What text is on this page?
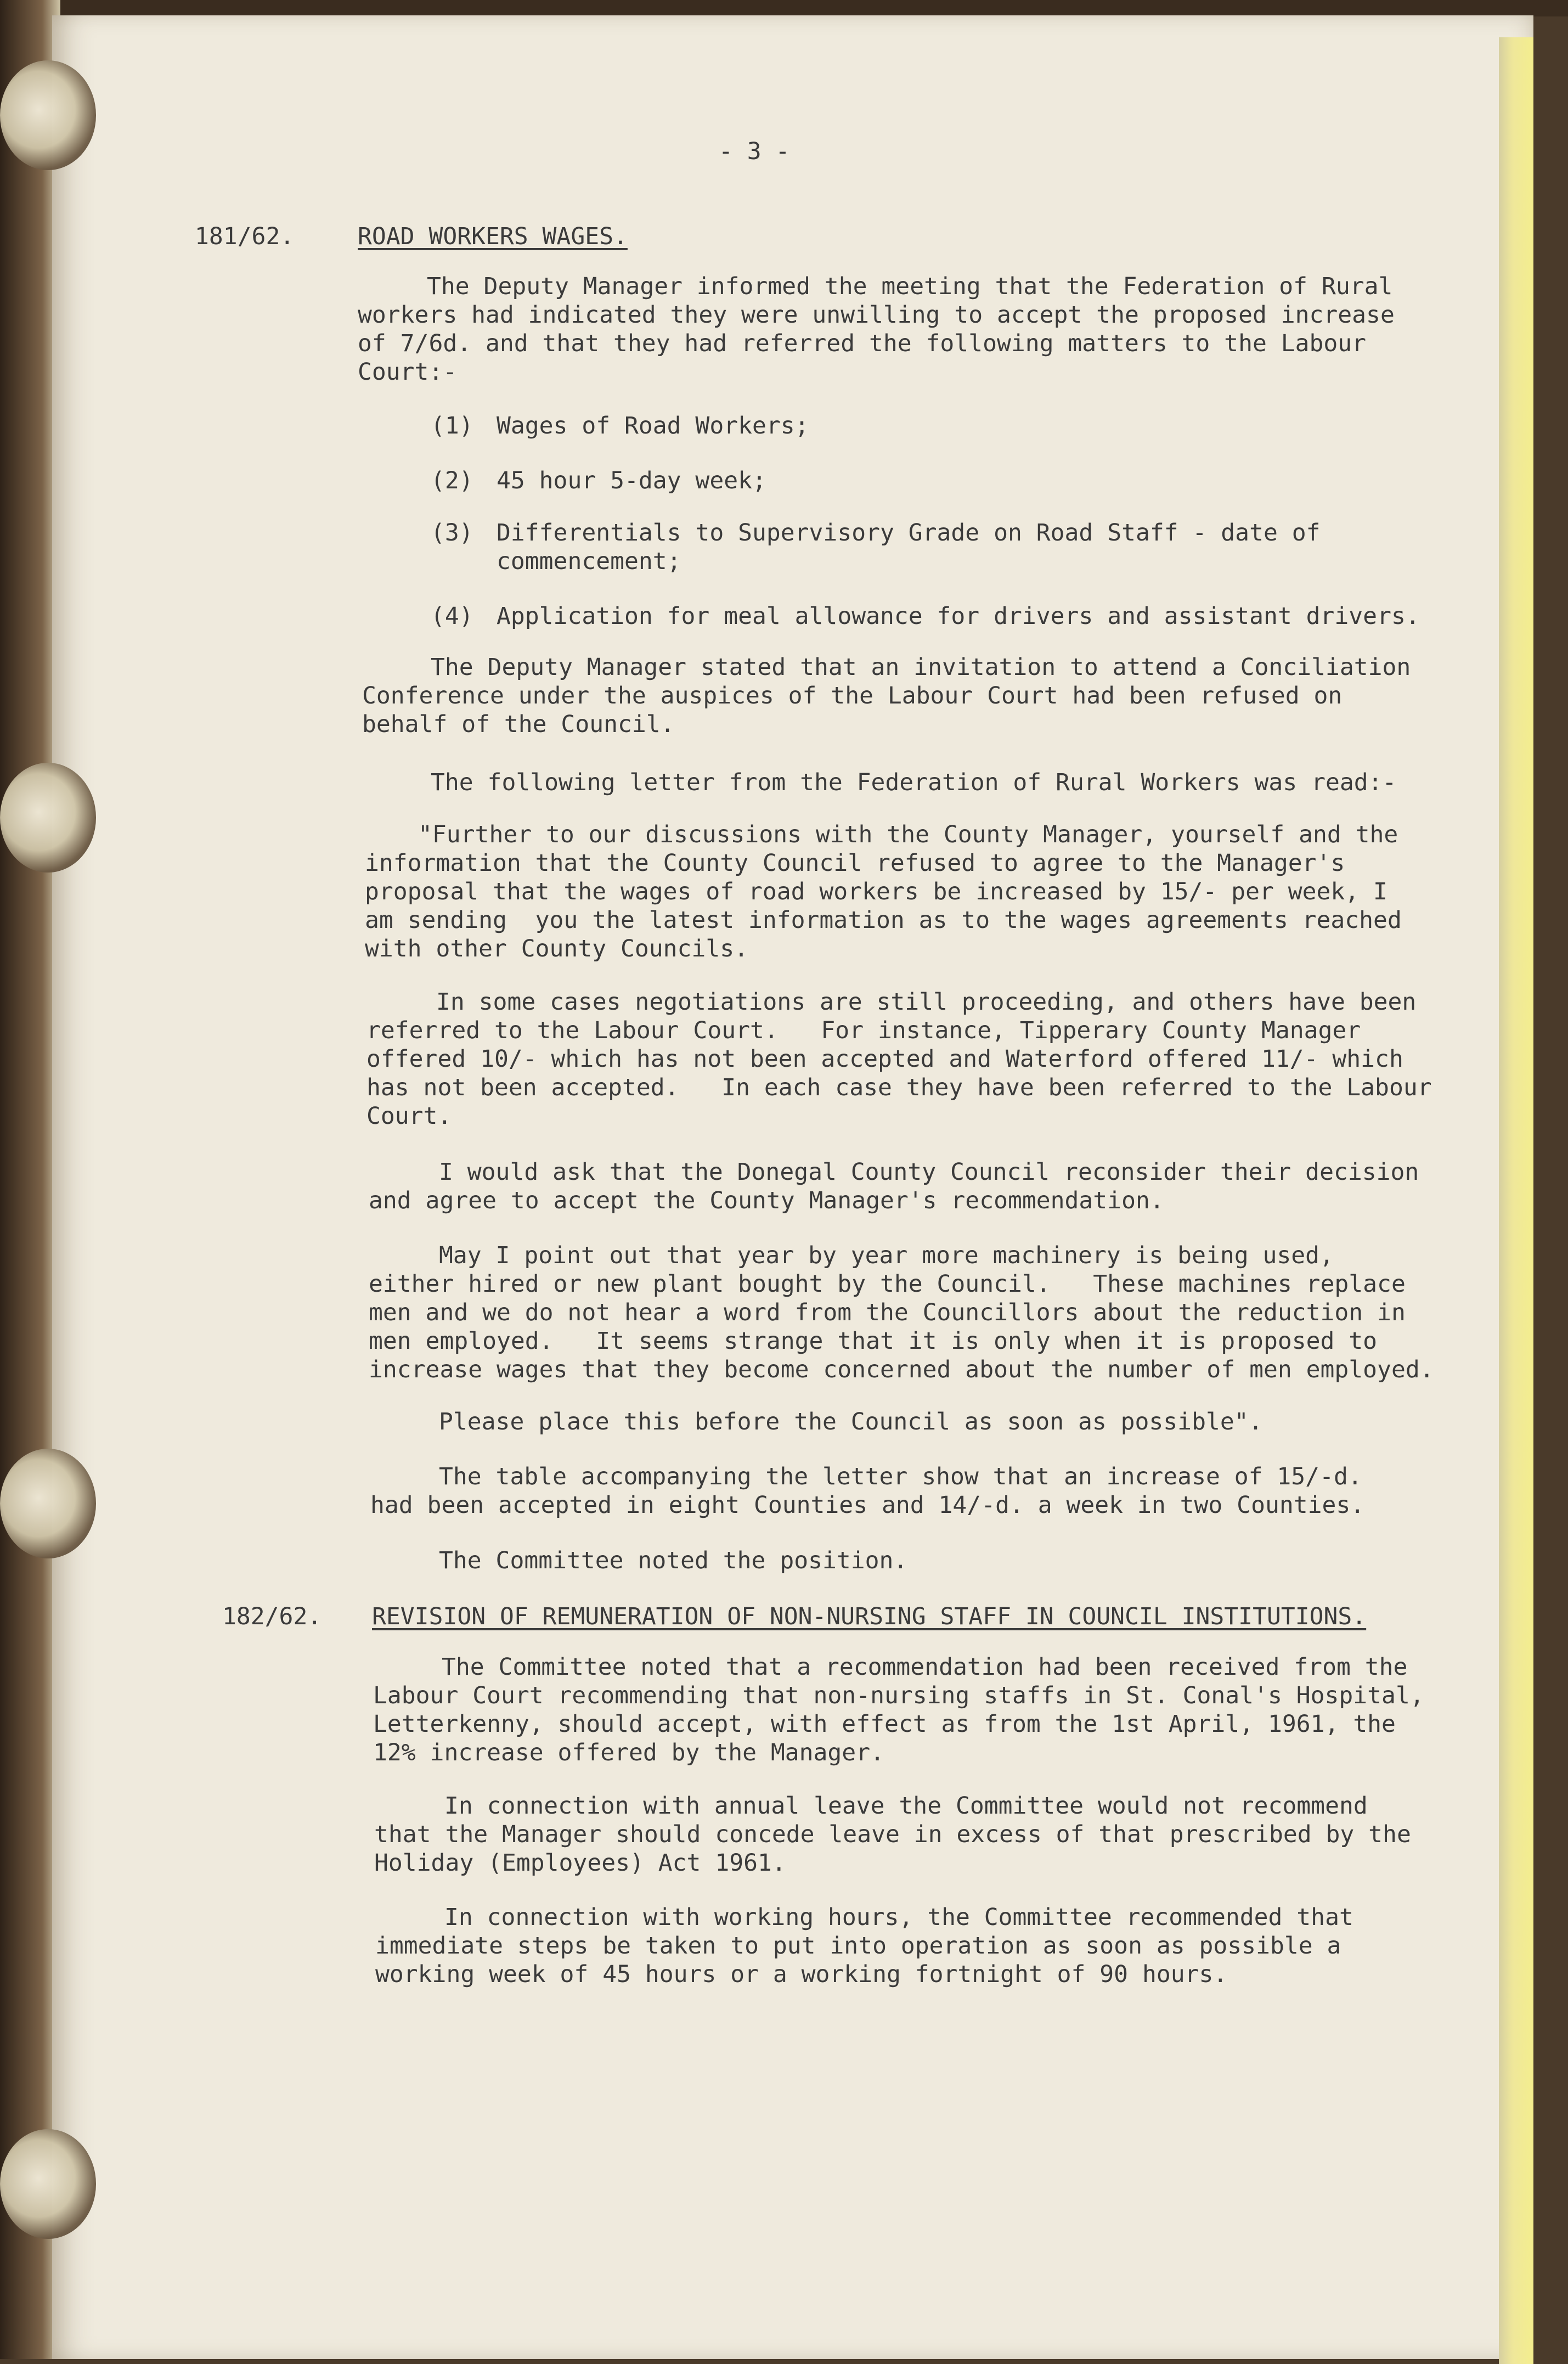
- 3 -
181/62.	ROAD WORKERS WAGES.
The Deputy Manager informed the meeting that the Federation of Rural
workers had indicated they were unwilling to accept the proposed increase
of 7/6d. and that they had referred the following matters to the Labour
Court:-
(1) Wages of Road Workers;
(2) 45 hour 5-day week;
(3) Differentials to Supervisory Grade on Road Staff - date of
commencement;
(4) Application for meal allowance for drivers and assistant drivers.
The Deputy Manager stated that an invitation to attend a Conciliation
Conference under the auspices of the Labour Court had been refused on
behalf of the Council.
The following letter from the Federation of Rural Workers was read:-
"Further to our discussions with the County Manager, yourself and the
information that the County Council refused to agree to the Manager's
proposal that the wages of road workers be increased by 15/- per week, I
am sending  you the latest information as to the wages agreements reached
with other County Councils.
In some cases negotiations are still proceeding, and others have been
referred to the Labour Court.   For instance, Tipperary County Manager
offered 10/- which has not been accepted and Waterford offered 11/- which
has not been accepted.   In each case they have been referred to the Labour
Court.
I would ask that the Donegal County Council reconsider their decision
and agree to accept the County Manager's recommendation.
May I point out that year by year more machinery is being used,
either hired or new plant bought by the Council.   These machines replace
men and we do not hear a word from the Councillors about the reduction in
men employed.   It seems strange that it is only when it is proposed to
increase wages that they become concerned about the number of men employed.
Please place this before the Council as soon as possible".
The table accompanying the letter show that an increase of 15/-d.
had been accepted in eight Counties and 14/-d. a week in two Counties.
The Committee noted the position.
182/62. REVISION OF REMUNERATION OF NON-NURSING STAFF IN COUNCIL INSTITUTIONS.
The Committee noted that a recommendation had been received from the
Labour Court recommending that non-nursing staffs in St. Conal's Hospital,
Letterkenny, should accept, with effect as from the 1st April, 1961, the
12% increase offered by the Manager.
In connection with annual leave the Committee would not recommend
that the Manager should concede leave in excess of that prescribed by the
Holiday (Employees) Act 1961.
In connection with working hours, the Committee recommended that
immediate steps be taken to put into operation as soon as possible a
working week of 45 hours or a working fortnight of 90 hours.
